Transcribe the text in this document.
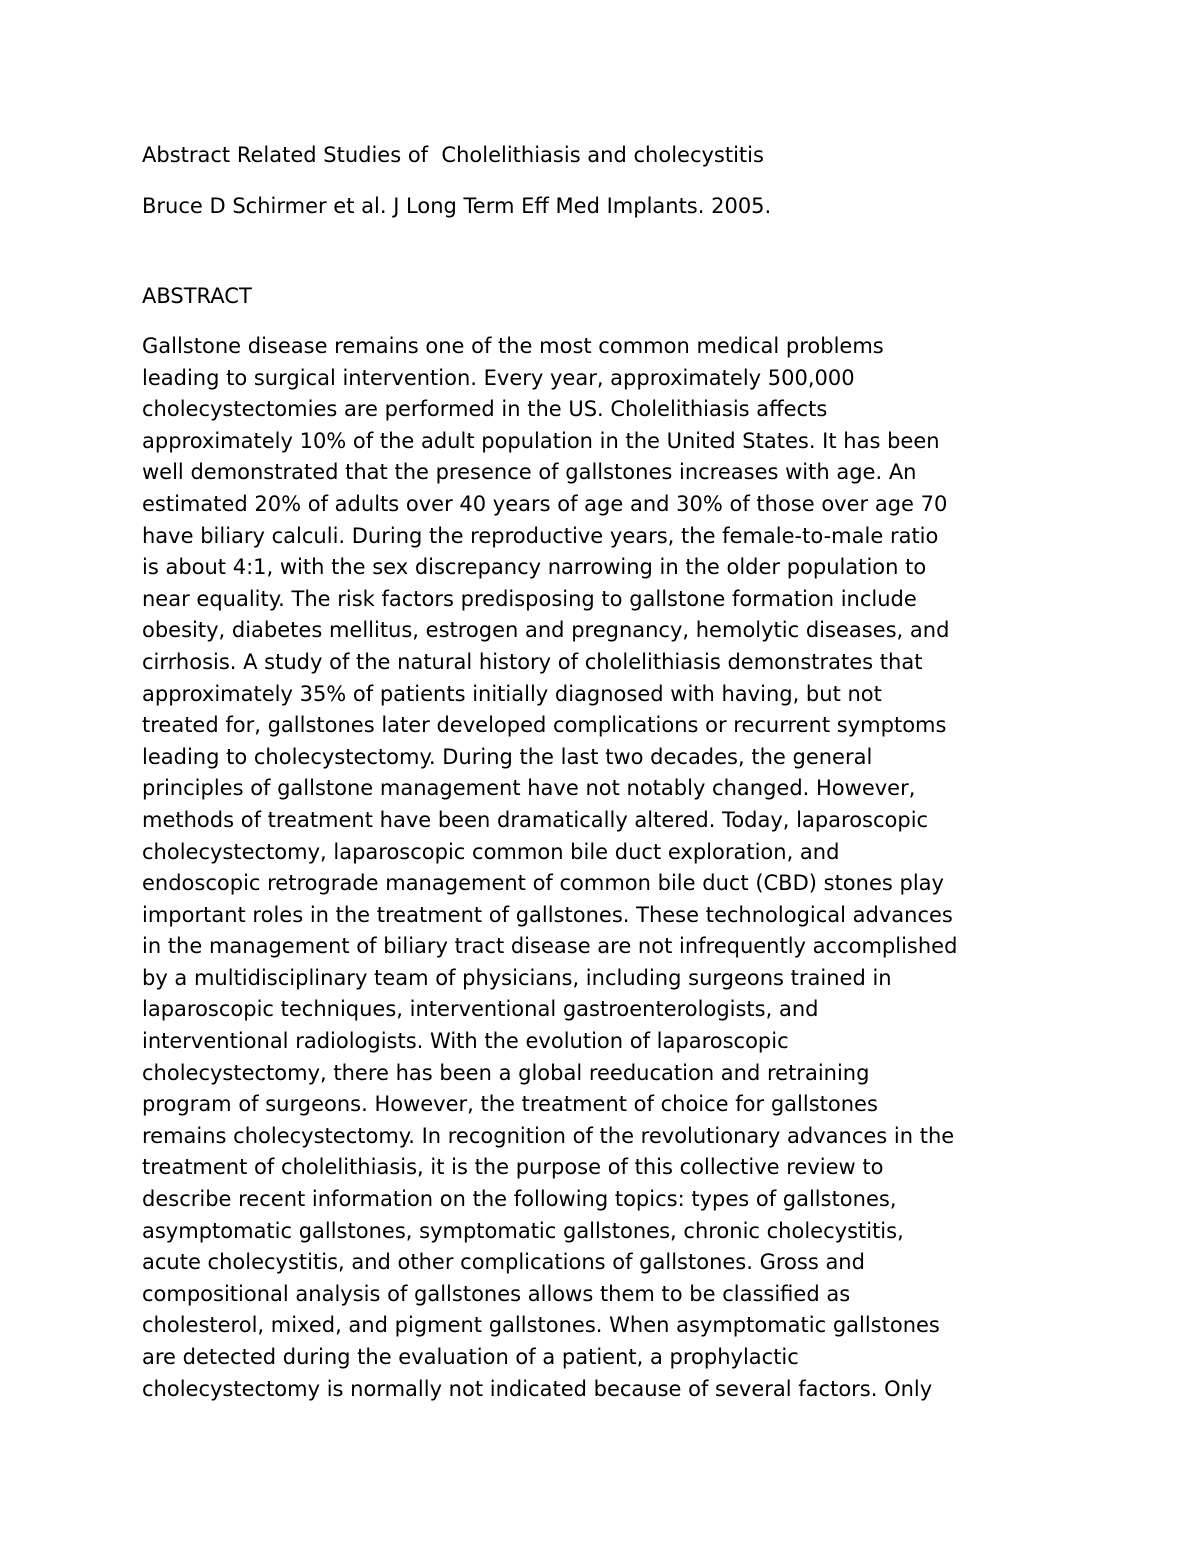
Abstract Related Studies of  Cholelithiasis and cholecystitis

Bruce D Schirmer et al. J Long Term Eff Med Implants. 2005.

ABSTRACT

Gallstone disease remains one of the most common medical problems
leading to surgical intervention. Every year, approximately 500,000
cholecystectomies are performed in the US. Cholelithiasis affects
approximately 10% of the adult population in the United States. It has been
well demonstrated that the presence of gallstones increases with age. An
estimated 20% of adults over 40 years of age and 30% of those over age 70
have biliary calculi. During the reproductive years, the female-to-male ratio
is about 4:1, with the sex discrepancy narrowing in the older population to
near equality. The risk factors predisposing to gallstone formation include
obesity, diabetes mellitus, estrogen and pregnancy, hemolytic diseases, and
cirrhosis. A study of the natural history of cholelithiasis demonstrates that
approximately 35% of patients initially diagnosed with having, but not
treated for, gallstones later developed complications or recurrent symptoms
leading to cholecystectomy. During the last two decades, the general
principles of gallstone management have not notably changed. However,
methods of treatment have been dramatically altered. Today, laparoscopic
cholecystectomy, laparoscopic common bile duct exploration, and
endoscopic retrograde management of common bile duct (CBD) stones play
important roles in the treatment of gallstones. These technological advances
in the management of biliary tract disease are not infrequently accomplished
by a multidisciplinary team of physicians, including surgeons trained in
laparoscopic techniques, interventional gastroenterologists, and
interventional radiologists. With the evolution of laparoscopic
cholecystectomy, there has been a global reeducation and retraining
program of surgeons. However, the treatment of choice for gallstones
remains cholecystectomy. In recognition of the revolutionary advances in the
treatment of cholelithiasis, it is the purpose of this collective review to
describe recent information on the following topics: types of gallstones,
asymptomatic gallstones, symptomatic gallstones, chronic cholecystitis,
acute cholecystitis, and other complications of gallstones. Gross and
compositional analysis of gallstones allows them to be classified as
cholesterol, mixed, and pigment gallstones. When asymptomatic gallstones
are detected during the evaluation of a patient, a prophylactic
cholecystectomy is normally not indicated because of several factors. Only
